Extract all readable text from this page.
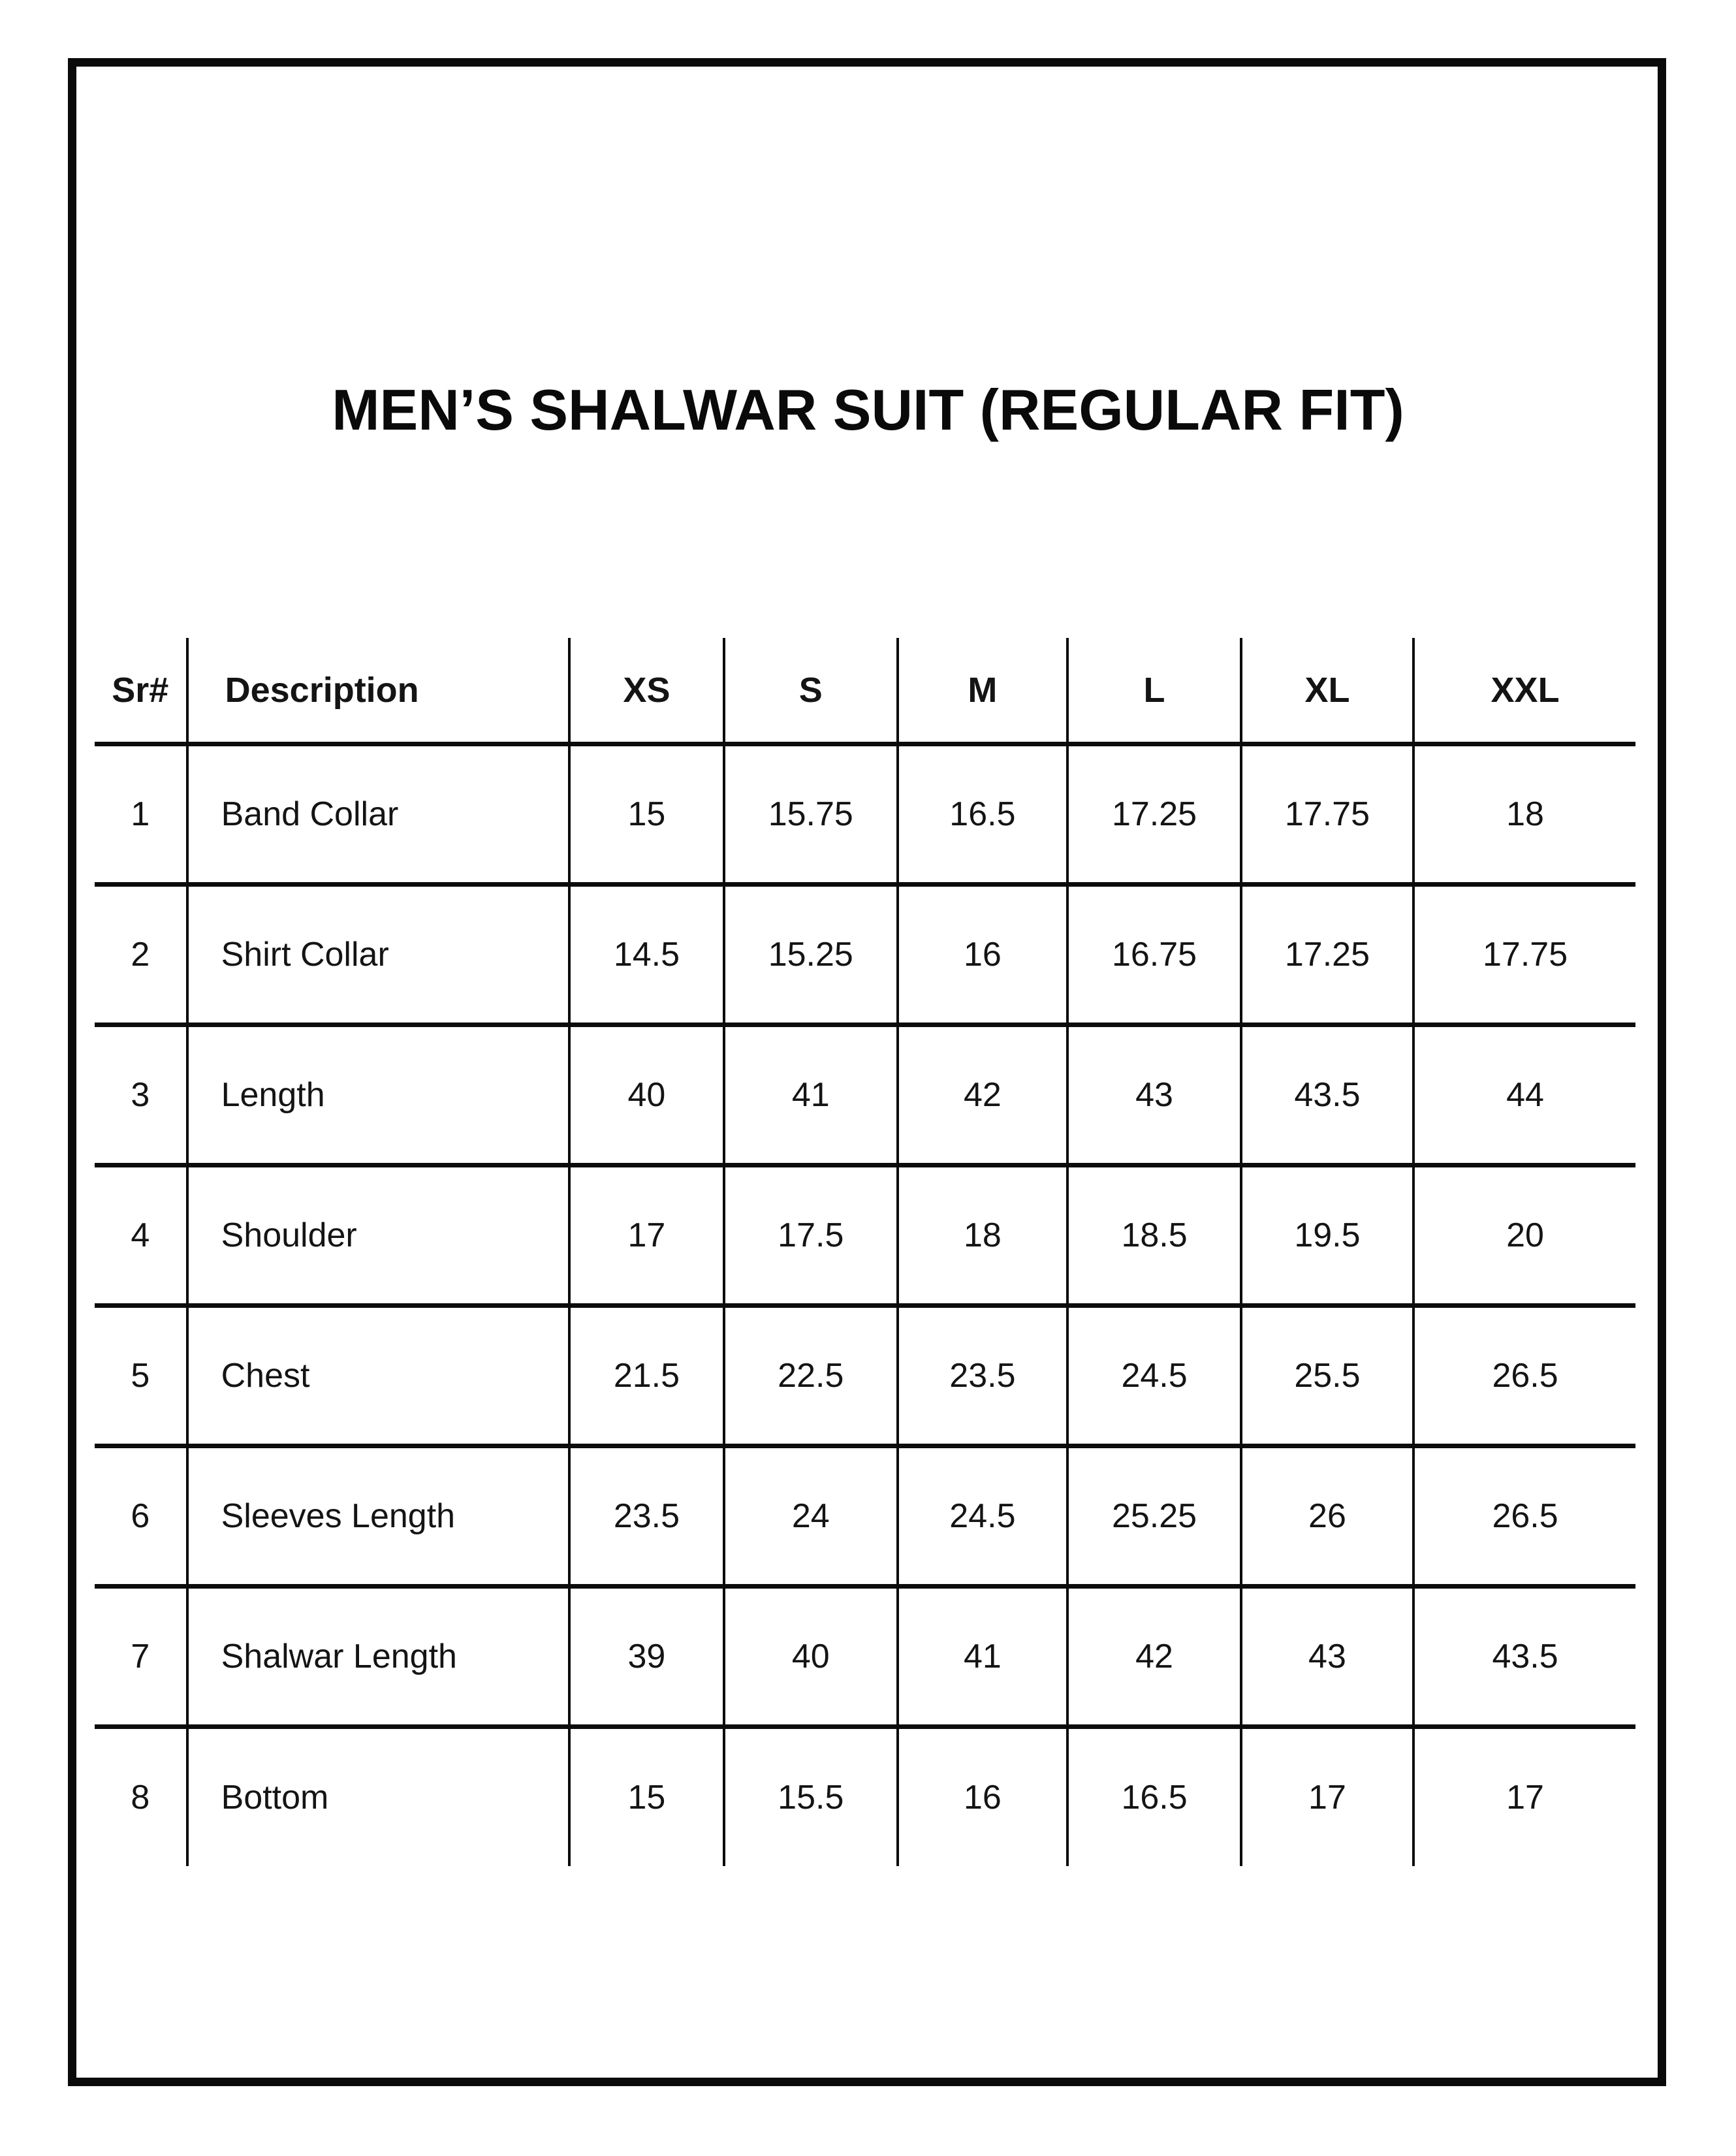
MEN’S SHALWAR SUIT (REGULAR FIT)
Sr#	Description	XS	S	M	L	XL	XXL
1	Band Collar	15	15.75	16.5	17.25	17.75	18
2	Shirt Collar	14.5	15.25	16	16.75	17.25	17.75
3	Length	40	41	42	43	43.5	44
4	Shoulder	17	17.5	18	18.5	19.5	20
5	Chest	21.5	22.5	23.5	24.5	25.5	26.5
6	Sleeves Length	23.5	24	24.5	25.25	26	26.5
7	Shalwar Length	39	40	41	42	43	43.5
8	Bottom	15	15.5	16	16.5	17	17
